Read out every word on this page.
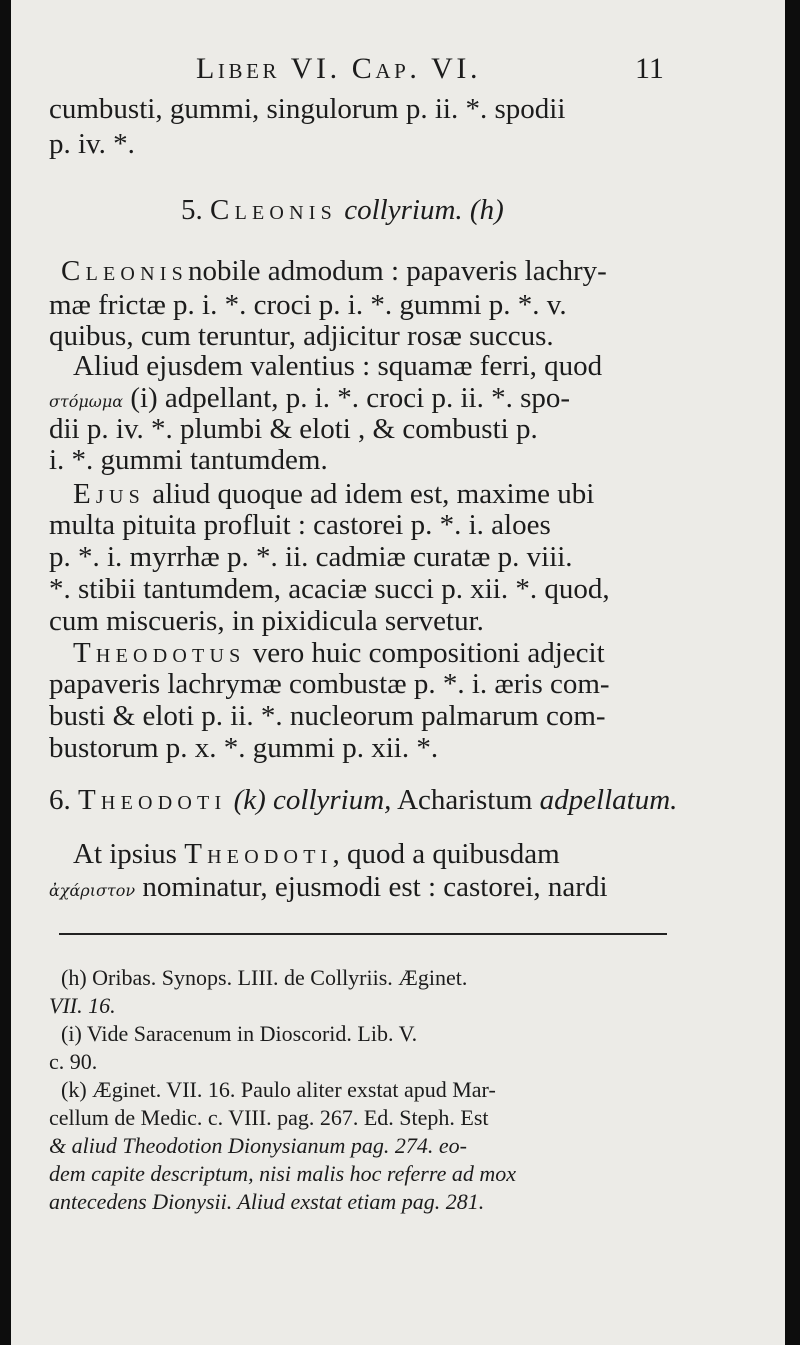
Liber VI. Cap. VI.	11
cumbusti, gummi, singulorum p. ii. *. spodii
p. iv. *.
5. Cleonis collyrium. (h)
Cleonisnobile admodum : papaveris lachry-
mæ frictæ p. i. *. croci p. i. *. gummi p. *. v.
quibus, cum teruntur, adjicitur rosæ succus.
Aliud ejusdem valentius : squamæ ferri, quod
στόμωμα (i) adpellant, p. i. *. croci p. ii. *. spo-
dii p. iv. *. plumbi & eloti , & combusti p.
i. *. gummi tantumdem.
Ejus aliud quoque ad idem est, maxime ubi
multa pituita profluit : castorei p. *. i. aloes
p. *. i. myrrhæ p. *. ii. cadmiæ curatæ p. viii.
*. stibii tantumdem, acaciæ succi p. xii. *. quod,
cum miscueris, in pixidicula servetur.
Theodotus vero huic compositioni adjecit
papaveris lachrymæ combustæ p. *. i. æris com-
busti & eloti p. ii. *. nucleorum palmarum com-
bustorum p. x. *. gummi p. xii. *.
6. Theodoti (k) collyrium, Acharistum adpellatum.
At ipsius Theodoti, quod a quibusdam
ἀχάριστον nominatur, ejusmodi est : castorei, nardi
(h) Oribas. Synops. LIII. de Collyriis. Æginet.
VII. 16.
(i) Vide Saracenum in Dioscorid. Lib. V.
c. 90.
(k) Æginet. VII. 16. Paulo aliter exstat apud Mar-
cellum de Medic. c. VIII. pag. 267. Ed. Steph. Est
& aliud Theodotion Dionysianum pag. 274. eo-
dem capite descriptum, nisi malis hoc referre ad mox
antecedens Dionysii. Aliud exstat etiam pag. 281.
